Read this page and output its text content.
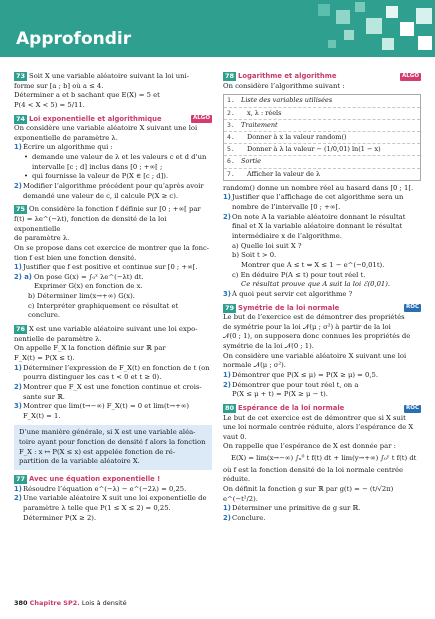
Approfondir
73 Soit X une variable aléatoire suivant la loi uni-
forme sur [a ; b] où a ≤ 4.
Déterminer a et b sachant que E(X) = 5 et
P(4 < X < 5) = 5/11.
74 Loi exponentielle et algorithmique	ALGO
On considère une variable aléatoire X suivant une loi
exponentielle de paramètre λ.
1) Écrire un algorithme qui :
• demande une valeur de λ et les valeurs c et d d’un
intervalle [c ; d] inclus dans [0 ; +∞[ ;
• qui fournisse la valeur de P(X ∈ [c ; d]).
2) Modifier l’algorithme précédent pour qu’après avoir
demandé une valeur de c, il calcule P(X ≥ c).
75 On considère la fonction f définie sur [0 ; +∞[ par
f(t) = λe^(−λt), fonction de densité de la loi exponentielle
de paramètre λ.
On se propose dans cet exercice de montrer que la fonc-
tion f est bien une fonction densité.
1) Justifier que f est positive et continue sur [0 ; +∞[.
2) a) On pose G(x) = ∫₀ˣ λe^(−λt) dt.
Exprimer G(x) en fonction de x.
b) Déterminer lim(x→+∞) G(x).
c) Interpréter graphiquement ce résultat et conclure.
76 X est une variable aléatoire suivant une loi expo-
nentielle de paramètre λ.
On appelle F_X la fonction définie sur ℝ par
F_X(t) = P(X ≤ t).
1) Déterminer l’expression de F_X(t) en fonction de t (on
pourra distinguer les cas t < 0 et t ≥ 0).
2) Montrer que F_X est une fonction continue et crois-
sante sur ℝ.
3) Montrer que lim(t→−∞) F_X(t) = 0 et lim(t→+∞) F_X(t) = 1.
D’une manière générale, si X est une variable aléa-
toire ayant pour fonction de densité f alors la fonction
F_X : x ↦ P(X ≤ x) est appelée fonction de ré-
partition de la variable aléatoire X.
77 Avec une équation exponentielle !
1) Résoudre l’équation e^(−λ) − e^(−2λ) = 0,25.
2) Une variable aléatoire X suit une loi exponentielle de
paramètre λ telle que P(1 ≤ X ≤ 2) = 0,25.
Déterminer P(X ≥ 2).
78 Logarithme et algorithme	ALGO
On considère l’algorithme suivant :
1. Liste des variables utilisées
2.	x, λ : réels
3. Traitement
4.	Donner à x la valeur random()
5.	Donner à λ la valeur − (1/0,01) ln(1 − x)
6. Sortie
7.	Afficher la valeur de λ
random() donne un nombre réel au hasard dans [0 ; 1[.
1) Justifier que l’affichage de cet algorithme sera un
nombre de l’intervalle [0 ; +∞[.
2) On note A la variable aléatoire donnant le résultat
final et X la variable aléatoire donnant le résultat
intermédiaire x de l’algorithme.
a) Quelle loi suit X ?
b) Soit t > 0.
Montrer que A ≤ t ⇔ X ≤ 1 − e^(−0,01t).
c) En déduire P(A ≤ t) pour tout réel t.
Ce résultat prouve que A suit la loi ℰ(0,01).
3) À quoi peut servir cet algorithme ?
79 Symétrie de la loi normale	ROC
Le but de l’exercice est de démontrer des propriétés
de symétrie pour la loi 𝒩(μ ; σ²) à partir de la loi
𝒩(0 ; 1), on supposera donc connues les propriétés de
symétrie de la loi 𝒩(0 ; 1).
On considère une variable aléatoire X suivant une loi
normale 𝒩(μ ; σ²).
1) Démontrer que P(X ≤ μ) = P(X ≥ μ) = 0,5.
2) Démontrer que pour tout réel t, on a
P(X ≤ μ + t) = P(X ≥ μ − t).
80 Espérance de la loi normale	ROC
Le but de cet exercice est de démontrer que si X suit
une loi normale centrée réduite, alors l’espérance de X
vaut 0.
On rappelle que l’espérance de X est donnée par :
E(X) = lim(x→−∞) ∫ₓ⁰ t f(t) dt + lim(y→+∞) ∫₀ʸ t f(t) dt
où f est la fonction densité de la loi normale centrée
réduite.
On définit la fonction g sur ℝ par g(t) = − (t/√2π) e^(−t²/2).
1) Déterminer une primitive de g sur ℝ.
2) Conclure.
380 Chapitre SP2. Lois à densité
